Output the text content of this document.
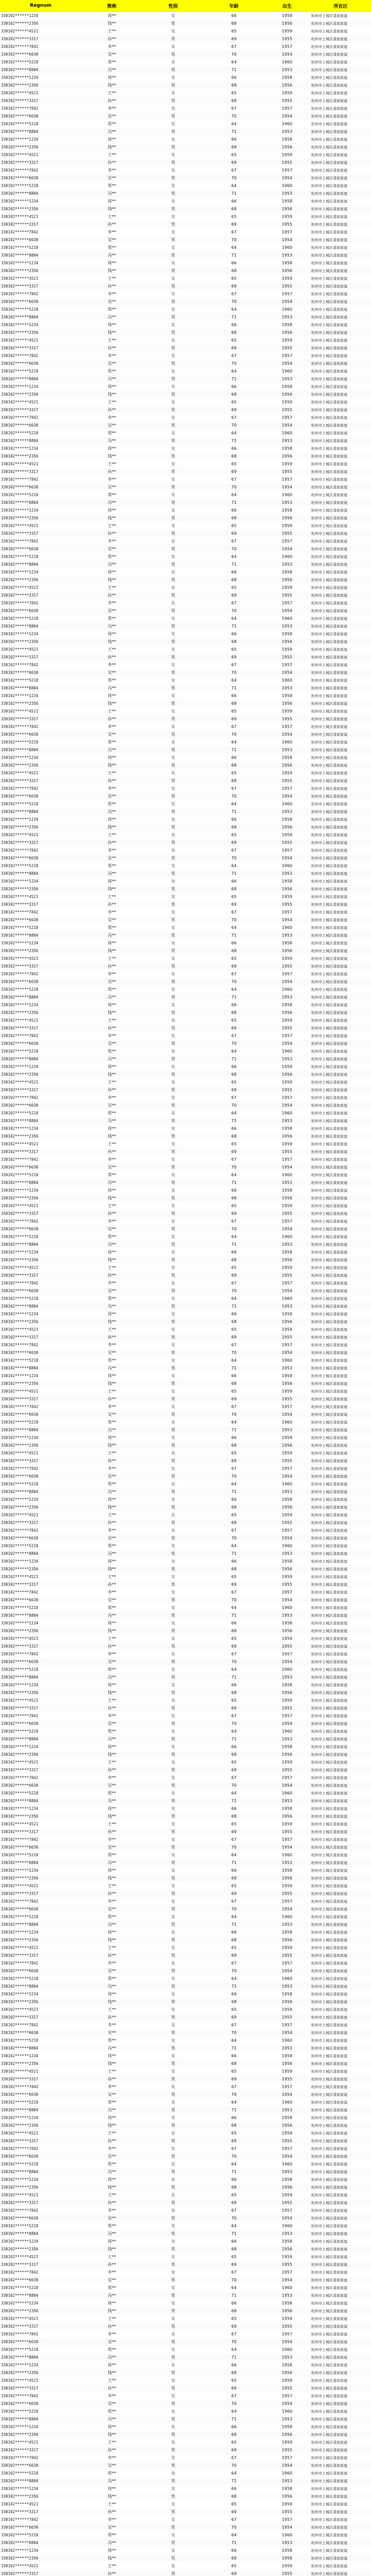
Regnum	简称	性别	年龄	出生	所在区
330102******1234	周**	女	66	1958	杭州市上城区清波街道
330102******2356	钱**	男	68	1956	杭州市上城区清波街道
330102******4521	王**	女	65	1959	杭州市上城区清波街道
330102******3317	孙**	男	69	1955	杭州市上城区清波街道
330102******7842	李**	女	67	1957	杭州市上城区清波街道
330102******6630	吴**	男	70	1954	杭州市上城区清波街道
330102******5218	郑**	女	64	1960	杭州市上城区清波街道
330102******8804	冯**	男	71	1953	杭州市上城区清波街道
330102******1234	周**	女	66	1958	杭州市上城区清波街道
330102******2356	钱**	男	68	1956	杭州市上城区清波街道
330102******4521	王**	女	65	1959	杭州市上城区清波街道
330102******3317	孙**	男	69	1955	杭州市上城区清波街道
330102******7842	李**	女	67	1957	杭州市上城区清波街道
330102******6630	吴**	男	70	1954	杭州市上城区清波街道
330102******5218	郑**	女	64	1960	杭州市上城区清波街道
330102******8804	冯**	男	71	1953	杭州市上城区清波街道
330102******1234	周**	女	66	1958	杭州市上城区清波街道
330102******2356	钱**	男	68	1956	杭州市上城区清波街道
330102******4521	王**	女	65	1959	杭州市上城区清波街道
330102******3317	孙**	男	69	1955	杭州市上城区清波街道
330102******7842	李**	女	67	1957	杭州市上城区清波街道
330102******6630	吴**	男	70	1954	杭州市上城区清波街道
330102******5218	郑**	女	64	1960	杭州市上城区清波街道
330102******8804	冯**	男	71	1953	杭州市上城区清波街道
330102******1234	周**	女	66	1958	杭州市上城区清波街道
330102******2356	钱**	男	68	1956	杭州市上城区清波街道
330102******4521	王**	女	65	1959	杭州市上城区清波街道
330102******3317	孙**	男	69	1955	杭州市上城区清波街道
330102******7842	李**	女	67	1957	杭州市上城区清波街道
330102******6630	吴**	男	70	1954	杭州市上城区清波街道
330102******5218	郑**	女	64	1960	杭州市上城区清波街道
330102******8804	冯**	男	71	1953	杭州市上城区清波街道
330102******1234	周**	女	66	1958	杭州市上城区清波街道
330102******2356	钱**	男	68	1956	杭州市上城区清波街道
330102******4521	王**	女	65	1959	杭州市上城区清波街道
330102******3317	孙**	男	69	1955	杭州市上城区清波街道
330102******7842	李**	女	67	1957	杭州市上城区清波街道
330102******6630	吴**	男	70	1954	杭州市上城区清波街道
330102******5218	郑**	女	64	1960	杭州市上城区清波街道
330102******8804	冯**	男	71	1953	杭州市上城区清波街道
330102******1234	周**	女	66	1958	杭州市上城区清波街道
330102******2356	钱**	男	68	1956	杭州市上城区清波街道
330102******4521	王**	女	65	1959	杭州市上城区清波街道
330102******3317	孙**	男	69	1955	杭州市上城区清波街道
330102******7842	李**	女	67	1957	杭州市上城区清波街道
330102******6630	吴**	男	70	1954	杭州市上城区清波街道
330102******5218	郑**	女	64	1960	杭州市上城区清波街道
330102******8804	冯**	男	71	1953	杭州市上城区清波街道
330102******1234	周**	女	66	1958	杭州市上城区清波街道
330102******2356	钱**	男	68	1956	杭州市上城区清波街道
330102******4521	王**	女	65	1959	杭州市上城区清波街道
330102******3317	孙**	男	69	1955	杭州市上城区清波街道
330102******7842	李**	女	67	1957	杭州市上城区清波街道
330102******6630	吴**	男	70	1954	杭州市上城区清波街道
330102******5218	郑**	女	64	1960	杭州市上城区清波街道
330102******8804	冯**	男	71	1953	杭州市上城区清波街道
330102******1234	周**	女	66	1958	杭州市上城区清波街道
330102******2356	钱**	男	68	1956	杭州市上城区清波街道
330102******4521	王**	女	65	1959	杭州市上城区清波街道
330102******3317	孙**	男	69	1955	杭州市上城区清波街道
330102******7842	李**	女	67	1957	杭州市上城区清波街道
330102******6630	吴**	男	70	1954	杭州市上城区清波街道
330102******5218	郑**	女	64	1960	杭州市上城区清波街道
330102******8804	冯**	男	71	1953	杭州市上城区清波街道
330102******1234	周**	女	66	1958	杭州市上城区清波街道
330102******2356	钱**	男	68	1956	杭州市上城区清波街道
330102******4521	王**	女	65	1959	杭州市上城区清波街道
330102******3317	孙**	男	69	1955	杭州市上城区清波街道
330102******7842	李**	女	67	1957	杭州市上城区清波街道
330102******6630	吴**	男	70	1954	杭州市上城区清波街道
330102******5218	郑**	女	64	1960	杭州市上城区清波街道
330102******8804	冯**	男	71	1953	杭州市上城区清波街道
330102******1234	周**	女	66	1958	杭州市上城区清波街道
330102******2356	钱**	男	68	1956	杭州市上城区清波街道
330102******4521	王**	女	65	1959	杭州市上城区清波街道
330102******3317	孙**	男	69	1955	杭州市上城区清波街道
330102******7842	李**	女	67	1957	杭州市上城区清波街道
330102******6630	吴**	男	70	1954	杭州市上城区清波街道
330102******5218	郑**	女	64	1960	杭州市上城区清波街道
330102******8804	冯**	男	71	1953	杭州市上城区清波街道
330102******1234	周**	女	66	1958	杭州市上城区清波街道
330102******2356	钱**	男	68	1956	杭州市上城区清波街道
330102******4521	王**	女	65	1959	杭州市上城区清波街道
330102******3317	孙**	男	69	1955	杭州市上城区清波街道
330102******7842	李**	女	67	1957	杭州市上城区清波街道
330102******6630	吴**	男	70	1954	杭州市上城区清波街道
330102******5218	郑**	女	64	1960	杭州市上城区清波街道
330102******8804	冯**	男	71	1953	杭州市上城区清波街道
330102******1234	周**	女	66	1958	杭州市上城区清波街道
330102******2356	钱**	男	68	1956	杭州市上城区清波街道
330102******4521	王**	女	65	1959	杭州市上城区清波街道
330102******3317	孙**	男	69	1955	杭州市上城区清波街道
330102******7842	李**	女	67	1957	杭州市上城区清波街道
330102******6630	吴**	男	70	1954	杭州市上城区清波街道
330102******5218	郑**	女	64	1960	杭州市上城区清波街道
330102******8804	冯**	男	71	1953	杭州市上城区清波街道
330102******1234	周**	女	66	1958	杭州市上城区清波街道
330102******2356	钱**	男	68	1956	杭州市上城区清波街道
330102******4521	王**	女	65	1959	杭州市上城区清波街道
330102******3317	孙**	男	69	1955	杭州市上城区清波街道
330102******7842	李**	女	67	1957	杭州市上城区清波街道
330102******6630	吴**	男	70	1954	杭州市上城区清波街道
330102******5218	郑**	女	64	1960	杭州市上城区清波街道
330102******8804	冯**	男	71	1953	杭州市上城区清波街道
330102******1234	周**	女	66	1958	杭州市上城区清波街道
330102******2356	钱**	男	68	1956	杭州市上城区清波街道
330102******4521	王**	女	65	1959	杭州市上城区清波街道
330102******3317	孙**	男	69	1955	杭州市上城区清波街道
330102******7842	李**	女	67	1957	杭州市上城区清波街道
330102******6630	吴**	男	70	1954	杭州市上城区清波街道
330102******5218	郑**	女	64	1960	杭州市上城区清波街道
330102******8804	冯**	男	71	1953	杭州市上城区清波街道
330102******1234	周**	女	66	1958	杭州市上城区清波街道
330102******2356	钱**	男	68	1956	杭州市上城区清波街道
330102******4521	王**	女	65	1959	杭州市上城区清波街道
330102******3317	孙**	男	69	1955	杭州市上城区清波街道
330102******7842	李**	女	67	1957	杭州市上城区清波街道
330102******6630	吴**	男	70	1954	杭州市上城区清波街道
330102******5218	郑**	女	64	1960	杭州市上城区清波街道
330102******8804	冯**	男	71	1953	杭州市上城区清波街道
330102******1234	周**	女	66	1958	杭州市上城区清波街道
330102******2356	钱**	男	68	1956	杭州市上城区清波街道
330102******4521	王**	女	65	1959	杭州市上城区清波街道
330102******3317	孙**	男	69	1955	杭州市上城区清波街道
330102******7842	李**	女	67	1957	杭州市上城区清波街道
330102******6630	吴**	男	70	1954	杭州市上城区清波街道
330102******5218	郑**	女	64	1960	杭州市上城区清波街道
330102******8804	冯**	男	71	1953	杭州市上城区清波街道
330102******1234	周**	女	66	1958	杭州市上城区清波街道
330102******2356	钱**	男	68	1956	杭州市上城区清波街道
330102******4521	王**	女	65	1959	杭州市上城区清波街道
330102******3317	孙**	男	69	1955	杭州市上城区清波街道
330102******7842	李**	女	67	1957	杭州市上城区清波街道
330102******6630	吴**	男	70	1954	杭州市上城区清波街道
330102******5218	郑**	女	64	1960	杭州市上城区清波街道
330102******8804	冯**	男	71	1953	杭州市上城区清波街道
330102******1234	周**	女	66	1958	杭州市上城区清波街道
330102******2356	钱**	男	68	1956	杭州市上城区清波街道
330102******4521	王**	女	65	1959	杭州市上城区清波街道
330102******3317	孙**	男	69	1955	杭州市上城区清波街道
330102******7842	李**	女	67	1957	杭州市上城区清波街道
330102******6630	吴**	男	70	1954	杭州市上城区清波街道
330102******5218	郑**	女	64	1960	杭州市上城区清波街道
330102******8804	冯**	男	71	1953	杭州市上城区清波街道
330102******1234	周**	女	66	1958	杭州市上城区清波街道
330102******2356	钱**	男	68	1956	杭州市上城区清波街道
330102******4521	王**	女	65	1959	杭州市上城区清波街道
330102******3317	孙**	男	69	1955	杭州市上城区清波街道
330102******7842	李**	女	67	1957	杭州市上城区清波街道
330102******6630	吴**	男	70	1954	杭州市上城区清波街道
330102******5218	郑**	女	64	1960	杭州市上城区清波街道
330102******8804	冯**	男	71	1953	杭州市上城区清波街道
330102******1234	周**	女	66	1958	杭州市上城区清波街道
330102******2356	钱**	男	68	1956	杭州市上城区清波街道
330102******4521	王**	女	65	1959	杭州市上城区清波街道
330102******3317	孙**	男	69	1955	杭州市上城区清波街道
330102******7842	李**	女	67	1957	杭州市上城区清波街道
330102******6630	吴**	男	70	1954	杭州市上城区清波街道
330102******5218	郑**	女	64	1960	杭州市上城区清波街道
330102******8804	冯**	男	71	1953	杭州市上城区清波街道
330102******1234	周**	女	66	1958	杭州市上城区清波街道
330102******2356	钱**	男	68	1956	杭州市上城区清波街道
330102******4521	王**	女	65	1959	杭州市上城区清波街道
330102******3317	孙**	男	69	1955	杭州市上城区清波街道
330102******7842	李**	女	67	1957	杭州市上城区清波街道
330102******6630	吴**	男	70	1954	杭州市上城区清波街道
330102******5218	郑**	女	64	1960	杭州市上城区清波街道
330102******8804	冯**	男	71	1953	杭州市上城区清波街道
330102******1234	周**	女	66	1958	杭州市上城区清波街道
330102******2356	钱**	男	68	1956	杭州市上城区清波街道
330102******4521	王**	女	65	1959	杭州市上城区清波街道
330102******3317	孙**	男	69	1955	杭州市上城区清波街道
330102******7842	李**	女	67	1957	杭州市上城区清波街道
330102******6630	吴**	男	70	1954	杭州市上城区清波街道
330102******5218	郑**	女	64	1960	杭州市上城区清波街道
330102******8804	冯**	男	71	1953	杭州市上城区清波街道
330102******1234	周**	女	66	1958	杭州市上城区清波街道
330102******2356	钱**	男	68	1956	杭州市上城区清波街道
330102******4521	王**	女	65	1959	杭州市上城区清波街道
330102******3317	孙**	男	69	1955	杭州市上城区清波街道
330102******7842	李**	女	67	1957	杭州市上城区清波街道
330102******6630	吴**	男	70	1954	杭州市上城区清波街道
330102******5218	郑**	女	64	1960	杭州市上城区清波街道
330102******8804	冯**	男	71	1953	杭州市上城区清波街道
330102******1234	周**	女	66	1958	杭州市上城区清波街道
330102******2356	钱**	男	68	1956	杭州市上城区清波街道
330102******4521	王**	女	65	1959	杭州市上城区清波街道
330102******3317	孙**	男	69	1955	杭州市上城区清波街道
330102******7842	李**	女	67	1957	杭州市上城区清波街道
330102******6630	吴**	男	70	1954	杭州市上城区清波街道
330102******5218	郑**	女	64	1960	杭州市上城区清波街道
330102******8804	冯**	男	71	1953	杭州市上城区清波街道
330102******1234	周**	女	66	1958	杭州市上城区清波街道
330102******2356	钱**	男	68	1956	杭州市上城区清波街道
330102******4521	王**	女	65	1959	杭州市上城区清波街道
330102******3317	孙**	男	69	1955	杭州市上城区清波街道
330102******7842	李**	女	67	1957	杭州市上城区清波街道
330102******6630	吴**	男	70	1954	杭州市上城区清波街道
330102******5218	郑**	女	64	1960	杭州市上城区清波街道
330102******8804	冯**	男	71	1953	杭州市上城区清波街道
330102******1234	周**	女	66	1958	杭州市上城区清波街道
330102******2356	钱**	男	68	1956	杭州市上城区清波街道
330102******4521	王**	女	65	1959	杭州市上城区清波街道
330102******3317	孙**	男	69	1955	杭州市上城区清波街道
330102******7842	李**	女	67	1957	杭州市上城区清波街道
330102******6630	吴**	男	70	1954	杭州市上城区清波街道
330102******5218	郑**	女	64	1960	杭州市上城区清波街道
330102******8804	冯**	男	71	1953	杭州市上城区清波街道
330102******1234	周**	女	66	1958	杭州市上城区清波街道
330102******2356	钱**	男	68	1956	杭州市上城区清波街道
330102******4521	王**	女	65	1959	杭州市上城区清波街道
330102******3317	孙**	男	69	1955	杭州市上城区清波街道
330102******7842	李**	女	67	1957	杭州市上城区清波街道
330102******6630	吴**	男	70	1954	杭州市上城区清波街道
330102******5218	郑**	女	64	1960	杭州市上城区清波街道
330102******8804	冯**	男	71	1953	杭州市上城区清波街道
330102******1234	周**	女	66	1958	杭州市上城区清波街道
330102******2356	钱**	男	68	1956	杭州市上城区清波街道
330102******4521	王**	女	65	1959	杭州市上城区清波街道
330102******3317	孙**	男	69	1955	杭州市上城区清波街道
330102******7842	李**	女	67	1957	杭州市上城区清波街道
330102******6630	吴**	男	70	1954	杭州市上城区清波街道
330102******5218	郑**	女	64	1960	杭州市上城区清波街道
330102******8804	冯**	男	71	1953	杭州市上城区清波街道
330102******1234	周**	女	66	1958	杭州市上城区清波街道
330102******2356	钱**	男	68	1956	杭州市上城区清波街道
330102******4521	王**	女	65	1959	杭州市上城区清波街道
330102******3317	孙**	男	69	1955	杭州市上城区清波街道
330102******7842	李**	女	67	1957	杭州市上城区清波街道
330102******6630	吴**	男	70	1954	杭州市上城区清波街道
330102******5218	郑**	女	64	1960	杭州市上城区清波街道
330102******8804	冯**	男	71	1953	杭州市上城区清波街道
330102******1234	周**	女	66	1958	杭州市上城区清波街道
330102******2356	钱**	男	68	1956	杭州市上城区清波街道
330102******4521	王**	女	65	1959	杭州市上城区清波街道
330102******3317	孙**	男	69	1955	杭州市上城区清波街道
330102******7842	李**	女	67	1957	杭州市上城区清波街道
330102******6630	吴**	男	70	1954	杭州市上城区清波街道
330102******5218	郑**	女	64	1960	杭州市上城区清波街道
330102******8804	冯**	男	71	1953	杭州市上城区清波街道
330102******1234	周**	女	66	1958	杭州市上城区清波街道
330102******2356	钱**	男	68	1956	杭州市上城区清波街道
330102******4521	王**	女	65	1959	杭州市上城区清波街道
330102******3317	孙**	男	69	1955	杭州市上城区清波街道
330102******7842	李**	女	67	1957	杭州市上城区清波街道
330102******6630	吴**	男	70	1954	杭州市上城区清波街道
330102******5218	郑**	女	64	1960	杭州市上城区清波街道
330102******8804	冯**	男	71	1953	杭州市上城区清波街道
330102******1234	周**	女	66	1958	杭州市上城区清波街道
330102******2356	钱**	男	68	1956	杭州市上城区清波街道
330102******4521	王**	女	65	1959	杭州市上城区清波街道
330102******3317	孙**	男	69	1955	杭州市上城区清波街道
330102******7842	李**	女	67	1957	杭州市上城区清波街道
330102******6630	吴**	男	70	1954	杭州市上城区清波街道
330102******5218	郑**	女	64	1960	杭州市上城区清波街道
330102******8804	冯**	男	71	1953	杭州市上城区清波街道
330102******1234	周**	女	66	1958	杭州市上城区清波街道
330102******2356	钱**	男	68	1956	杭州市上城区清波街道
330102******4521	王**	女	65	1959	杭州市上城区清波街道
330102******3317	孙**	男	69	1955	杭州市上城区清波街道
330102******7842	李**	女	67	1957	杭州市上城区清波街道
330102******6630	吴**	男	70	1954	杭州市上城区清波街道
330102******5218	郑**	女	64	1960	杭州市上城区清波街道
330102******8804	冯**	男	71	1953	杭州市上城区清波街道
330102******1234	周**	女	66	1958	杭州市上城区清波街道
330102******2356	钱**	男	68	1956	杭州市上城区清波街道
330102******4521	王**	女	65	1959	杭州市上城区清波街道
330102******3317	孙**	男	69	1955	杭州市上城区清波街道
330102******7842	李**	女	67	1957	杭州市上城区清波街道
330102******6630	吴**	男	70	1954	杭州市上城区清波街道
330102******5218	郑**	女	64	1960	杭州市上城区清波街道
330102******8804	冯**	男	71	1953	杭州市上城区清波街道
330102******1234	周**	女	66	1958	杭州市上城区清波街道
330102******2356	钱**	男	68	1956	杭州市上城区清波街道
330102******4521	王**	女	65	1959	杭州市上城区清波街道
330102******3317	孙**	男	69	1955	杭州市上城区清波街道
330102******7842	李**	女	67	1957	杭州市上城区清波街道
330102******6630	吴**	男	70	1954	杭州市上城区清波街道
330102******5218	郑**	女	64	1960	杭州市上城区清波街道
330102******8804	冯**	男	71	1953	杭州市上城区清波街道
330102******1234	周**	女	66	1958	杭州市上城区清波街道
330102******2356	钱**	男	68	1956	杭州市上城区清波街道
330102******4521	王**	女	65	1959	杭州市上城区清波街道
330102******3317	孙**	男	69	1955	杭州市上城区清波街道
330102******7842	李**	女	67	1957	杭州市上城区清波街道
330102******6630	吴**	男	70	1954	杭州市上城区清波街道
330102******5218	郑**	女	64	1960	杭州市上城区清波街道
330102******8804	冯**	男	71	1953	杭州市上城区清波街道
330102******1234	周**	女	66	1958	杭州市上城区清波街道
330102******2356	钱**	男	68	1956	杭州市上城区清波街道
330102******4521	王**	女	65	1959	杭州市上城区清波街道
330102******3317	孙**	男	69	1955	杭州市上城区清波街道
330102******7842	李**	女	67	1957	杭州市上城区清波街道
330102******6630	吴**	男	70	1954	杭州市上城区清波街道
330102******5218	郑**	女	64	1960	杭州市上城区清波街道
330102******8804	冯**	男	71	1953	杭州市上城区清波街道
330102******1234	周**	女	66	1958	杭州市上城区清波街道
330102******2356	钱**	男	68	1956	杭州市上城区清波街道
330102******4521	王**	女	65	1959	杭州市上城区清波街道
330102******3317	孙**	男	69	1955	杭州市上城区清波街道
330102******7842	李**	女	67	1957	杭州市上城区清波街道
330102******6630	吴**	男	70	1954	杭州市上城区清波街道
330102******5218	郑**	女	64	1960	杭州市上城区清波街道
330102******8804	冯**	男	71	1953	杭州市上城区清波街道
330102******1234	周**	女	66	1958	杭州市上城区清波街道
330102******2356	钱**	男	68	1956	杭州市上城区清波街道
330102******4521	王**	女	65	1959	杭州市上城区清波街道
330102******3317	孙**	男	69	1955	杭州市上城区清波街道
330102******7842	李**	女	67	1957	杭州市上城区清波街道
330102******6630	吴**	男	70	1954	杭州市上城区清波街道
330102******5218	郑**	女	64	1960	杭州市上城区清波街道
330102******8804	冯**	男	71	1953	杭州市上城区清波街道
330102******1234	周**	女	66	1958	杭州市上城区清波街道
330102******2356	钱**	男	68	1956	杭州市上城区清波街道
330102******4521	王**	女	65	1959	杭州市上城区清波街道
330102******3317	孙**	男	69	1955	杭州市上城区清波街道
330102******7842	李**	女	67	1957	杭州市上城区清波街道
330102******6630	吴**	男	70	1954	杭州市上城区清波街道
330102******5218	郑**	女	64	1960	杭州市上城区清波街道
330102******8804	冯**	男	71	1953	杭州市上城区清波街道
330102******1234	周**	女	66	1958	杭州市上城区清波街道
330102******2356	钱**	男	68	1956	杭州市上城区清波街道
330102******4521	王**	女	65	1959	杭州市上城区清波街道
330102******3317	孙**	男	69	1955	杭州市上城区清波街道
330102******7842	李**	女	67	1957	杭州市上城区清波街道
330102******6630	吴**	男	70	1954	杭州市上城区清波街道
330102******5218	郑**	女	64	1960	杭州市上城区清波街道
330102******8804	冯**	男	71	1953	杭州市上城区清波街道
330102******1234	周**	女	66	1958	杭州市上城区清波街道
330102******2356	钱**	男	68	1956	杭州市上城区清波街道
330102******4521	王**	女	65	1959	杭州市上城区清波街道
330102******3317	孙**	男	69	1955	杭州市上城区清波街道
